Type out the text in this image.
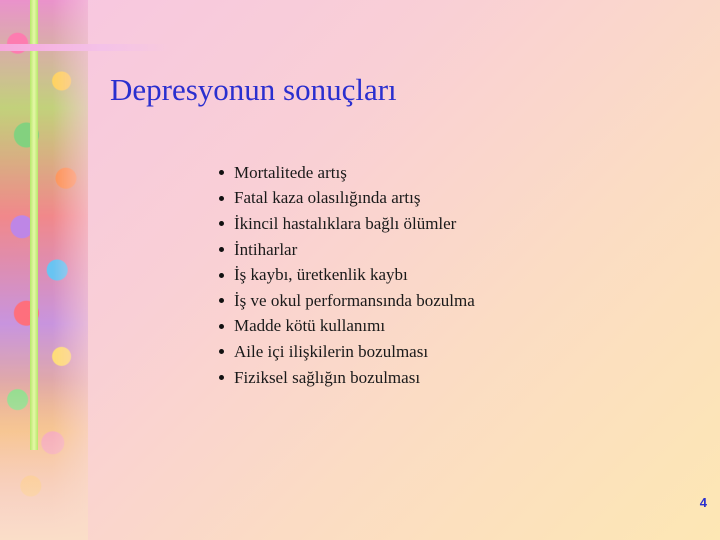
Depresyonun sonuçları
Mortalitede artış
Fatal kaza olasılığında artış
İkincil hastalıklara bağlı ölümler
İntiharlar
İş kaybı, üretkenlik kaybı
İş ve okul performansında bozulma
Madde kötü kullanımı
Aile içi ilişkilerin bozulması
Fiziksel sağlığın bozulması
4
